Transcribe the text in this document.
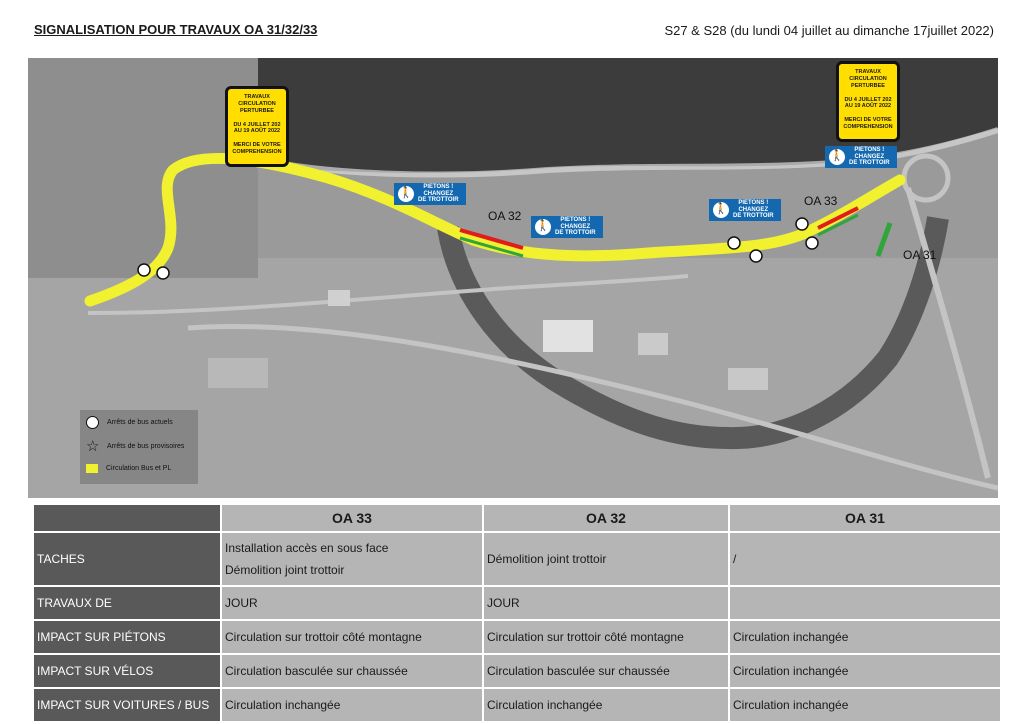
SIGNALISATION POUR TRAVAUX OA 31/32/33	S27 & S28 (du lundi 04 juillet au dimanche 17juillet 2022)
TRAVAUX
CIRCULATION
PERTURBEE

DU 4 JUILLET 202
AU 19 AOÛT 2022

MERCI DE VOTRE
COMPREHENSION
TRAVAUX
CIRCULATION
PERTURBEE

DU 4 JUILLET 202
AU 19 AOÛT 2022

MERCI DE VOTRE
COMPREHENSION
🚶
PIETONS !
CHANGEZ
DE TROTTOIR
🚶
PIETONS !
CHANGEZ
DE TROTTOIR
🚶
PIETONS !
CHANGEZ
DE TROTTOIR
🚶
PIETONS !
CHANGEZ
DE TROTTOIR
OA 32
OA 33
OA 31
Arrêts de bus actuels
☆ Arrêts de bus provisoires
Circulation Bus et PL
	OA 33	OA 32	OA 31
TACHES	Installation accès en sous face
Démolition joint trottoir	Démolition joint trottoir	/
TRAVAUX DE	JOUR	JOUR	
IMPACT SUR PIÉTONS	Circulation sur trottoir côté montagne	Circulation sur trottoir côté montagne	Circulation inchangée
IMPACT SUR VÉLOS	Circulation basculée sur chaussée	Circulation basculée sur chaussée	Circulation inchangée
IMPACT SUR VOITURES / BUS	Circulation inchangée	Circulation inchangée	Circulation inchangée
